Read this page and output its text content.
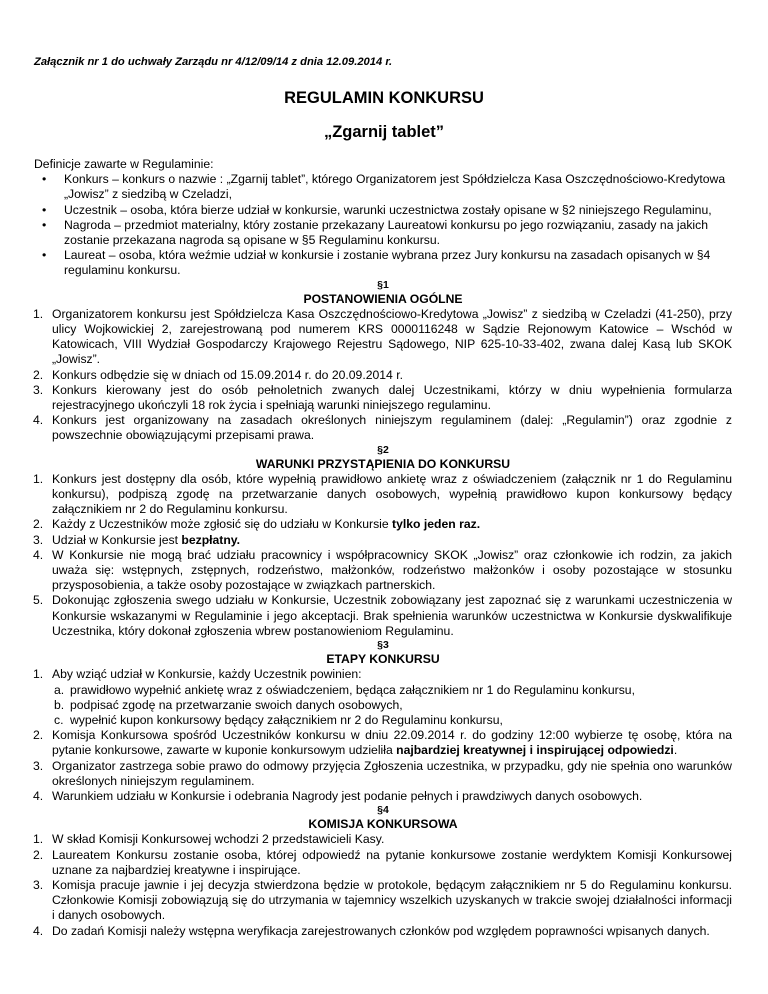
Załącznik nr 1 do uchwały Zarządu nr 4/12/09/14 z dnia 12.09.2014 r.
REGULAMIN KONKURSU
„Zgarnij tablet”
Definicje zawarte w Regulaminie:
• Konkurs – konkurs o nazwie : „Zgarnij tablet”, którego Organizatorem jest Spółdzielcza Kasa Oszczędnościowo-Kredytowa „Jowisz” z siedzibą w Czeladzi,
• Uczestnik – osoba, która bierze udział w konkursie, warunki uczestnictwa zostały opisane w §2 niniejszego Regulaminu,
• Nagroda – przedmiot materialny, który zostanie przekazany Laureatowi konkursu po jego rozwiązaniu, zasady na jakich zostanie przekazana nagroda są opisane w §5 Regulaminu konkursu.
• Laureat – osoba, która weźmie udział w konkursie i zostanie wybrana przez Jury konkursu na zasadach opisanych w §4 regulaminu konkursu.
§1
POSTANOWIENIA OGÓLNE
1. Organizatorem konkursu jest Spółdzielcza Kasa Oszczędnościowo-Kredytowa „Jowisz” z siedzibą w Czeladzi (41-250), przy ulicy Wojkowickiej 2, zarejestrowaną pod numerem KRS 0000116248 w Sądzie Rejonowym Katowice – Wschód w Katowicach, VIII Wydział Gospodarczy Krajowego Rejestru Sądowego, NIP 625-10-33-402, zwana dalej Kasą lub SKOK „Jowisz”.
2. Konkurs odbędzie się w dniach od 15.09.2014 r. do 20.09.2014 r.
3. Konkurs kierowany jest do osób pełnoletnich zwanych dalej Uczestnikami, którzy w dniu wypełnienia formularza rejestracyjnego ukończyli 18 rok życia i spełniają warunki niniejszego regulaminu.
4. Konkurs jest organizowany na zasadach określonych niniejszym regulaminem (dalej: „Regulamin”) oraz zgodnie z powszechnie obowiązującymi przepisami prawa.
§2
WARUNKI PRZYSTĄPIENIA DO KONKURSU
1. Konkurs jest dostępny dla osób, które wypełnią prawidłowo ankietę wraz z oświadczeniem (załącznik nr 1 do Regulaminu konkursu), podpiszą zgodę na przetwarzanie danych osobowych, wypełnią prawidłowo kupon konkursowy będący załącznikiem nr 2 do Regulaminu konkursu.
2. Każdy z Uczestników może zgłosić się do udziału w Konkursie tylko jeden raz.
3. Udział w Konkursie jest bezpłatny.
4. W Konkursie nie mogą brać udziału pracownicy i współpracownicy SKOK „Jowisz” oraz członkowie ich rodzin, za jakich uważa się: wstępnych, zstępnych, rodzeństwo, małżonków, rodzeństwo małżonków i osoby pozostające w stosunku przysposobienia, a także osoby pozostające w związkach partnerskich.
5. Dokonując zgłoszenia swego udziału w Konkursie, Uczestnik zobowiązany jest zapoznać się z warunkami uczestniczenia w Konkursie wskazanymi w Regulaminie i jego akceptacji. Brak spełnienia warunków uczestnictwa w Konkursie dyskwalifikuje Uczestnika, który dokonał zgłoszenia wbrew postanowieniom Regulaminu.
§3
ETAPY KONKURSU
1. Aby wziąć udział w Konkursie, każdy Uczestnik powinien:
a. prawidłowo wypełnić ankietę wraz z oświadczeniem, będąca załącznikiem nr 1 do Regulaminu konkursu,
b. podpisać zgodę na przetwarzanie swoich danych osobowych,
c. wypełnić kupon konkursowy będący załącznikiem nr 2 do Regulaminu konkursu,
2. Komisja Konkursowa spośród Uczestników konkursu w dniu 22.09.2014 r. do godziny 12:00 wybierze tę osobę, która na pytanie konkursowe, zawarte w kuponie konkursowym udzieliła najbardziej kreatywnej i inspirującej odpowiedzi.
3. Organizator zastrzega sobie prawo do odmowy przyjęcia Zgłoszenia uczestnika, w przypadku, gdy nie spełnia ono warunków określonych niniejszym regulaminem.
4. Warunkiem udziału w Konkursie i odebrania Nagrody jest podanie pełnych i prawdziwych danych osobowych.
§4
KOMISJA KONKURSOWA
1. W skład Komisji Konkursowej wchodzi 2 przedstawicieli Kasy.
2. Laureatem Konkursu zostanie osoba, której odpowiedź na pytanie konkursowe zostanie werdyktem Komisji Konkursowej uznane za najbardziej kreatywne i inspirujące.
3. Komisja pracuje jawnie i jej decyzja stwierdzona będzie w protokole, będącym załącznikiem nr 5 do Regulaminu konkursu. Członkowie Komisji zobowiązują się do utrzymania w tajemnicy wszelkich uzyskanych w trakcie swojej działalności informacji i danych osobowych.
4. Do zadań Komisji należy wstępna weryfikacja zarejestrowanych członków pod względem poprawności wpisanych danych.
